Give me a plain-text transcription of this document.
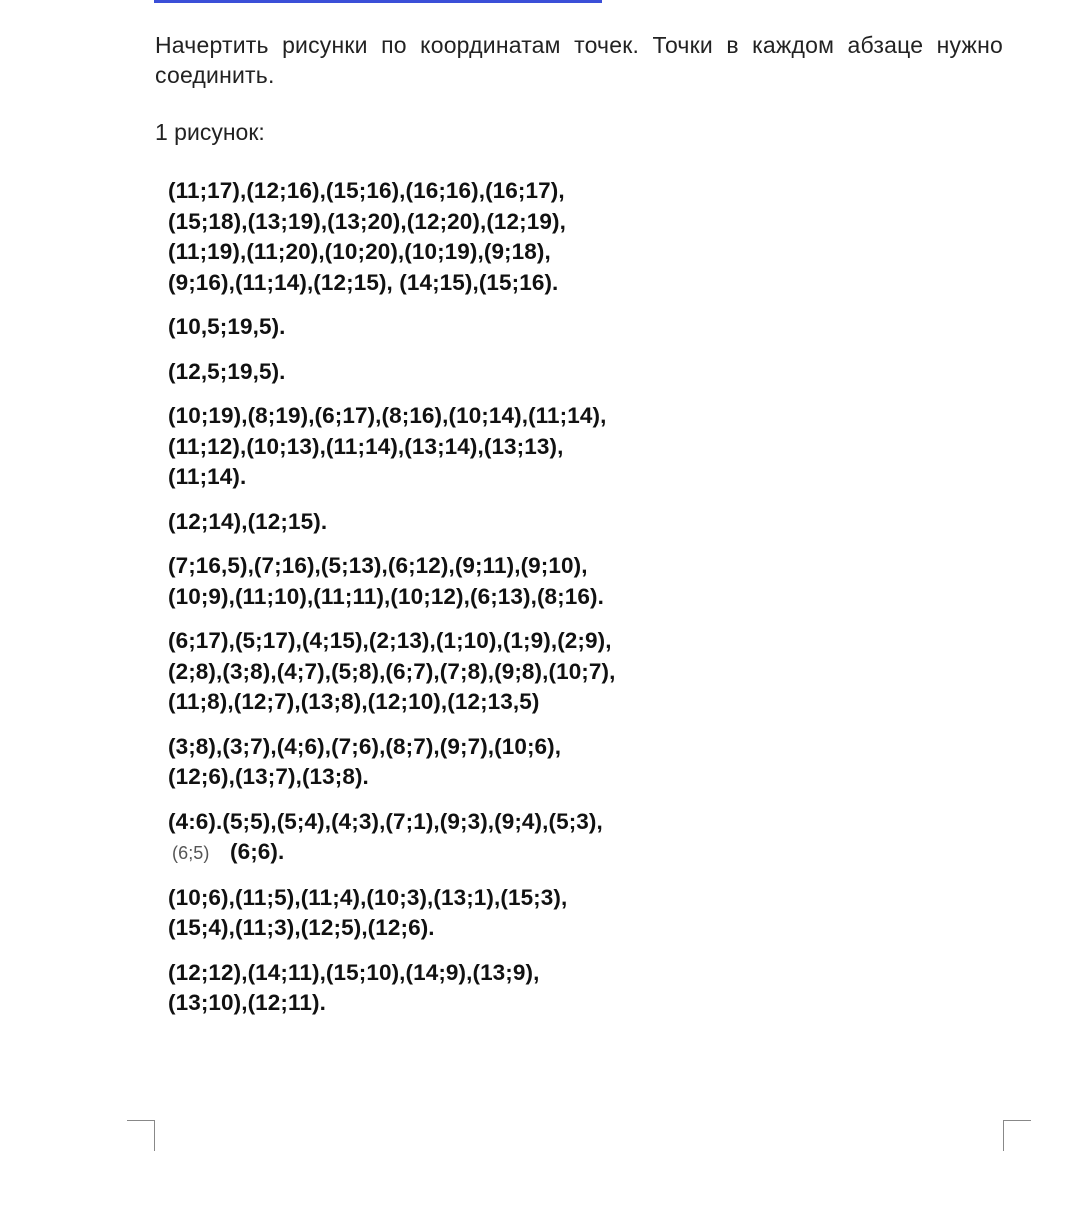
Начертить рисунки по координатам точек. Точки в каждом абзаце нужно соединить.
1 рисунок:
(11;17),(12;16),(15;16),(16;16),(16;17),
(15;18),(13;19),(13;20),(12;20),(12;19),
(11;19),(11;20),(10;20),(10;19),(9;18),
(9;16),(11;14),(12;15), (14;15),(15;16).
(10,5;19,5).
(12,5;19,5).
(10;19),(8;19),(6;17),(8;16),(10;14),(11;14),
(11;12),(10;13),(11;14),(13;14),(13;13),
(11;14).
(12;14),(12;15).
(7;16,5),(7;16),(5;13),(6;12),(9;11),(9;10),
(10;9),(11;10),(11;11),(10;12),(6;13),(8;16).
(6;17),(5;17),(4;15),(2;13),(1;10),(1;9),(2;9),
(2;8),(3;8),(4;7),(5;8),(6;7),(7;8),(9;8),(10;7),
(11;8),(12;7),(13;8),(12;10),(12;13,5)
(3;8),(3;7),(4;6),(7;6),(8;7),(9;7),(10;6),
(12;6),(13;7),(13;8).
(4:6).(5;5),(5;4),(4;3),(7;1),(9;3),(9;4),(5;3),
(6;5) (6;6).
(10;6),(11;5),(11;4),(10;3),(13;1),(15;3),
(15;4),(11;3),(12;5),(12;6).
(12;12),(14;11),(15;10),(14;9),(13;9),
(13;10),(12;11).
